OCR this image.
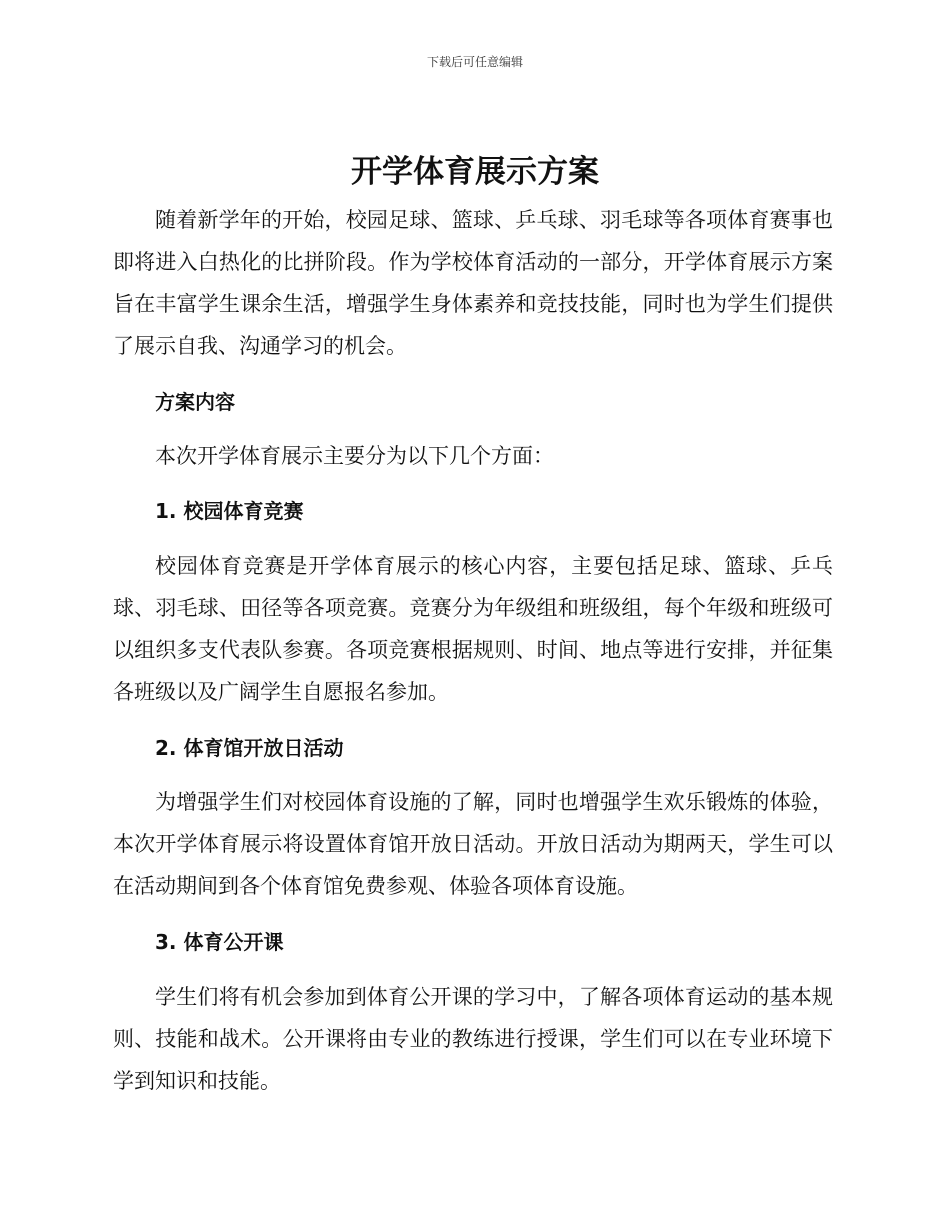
下载后可任意编辑
开学体育展示方案

随着新学年的开始，校园足球、篮球、乒乓球、羽毛球等各项体育赛事也即将进入白热化的比拼阶段。作为学校体育活动的一部分，开学体育展示方案旨在丰富学生课余生活，增强学生身体素养和竞技技能，同时也为学生们提供了展示自我、沟通学习的机会。

方案内容

本次开学体育展示主要分为以下几个方面：

1. 校园体育竞赛

校园体育竞赛是开学体育展示的核心内容，主要包括足球、篮球、乒乓球、羽毛球、田径等各项竞赛。竞赛分为年级组和班级组，每个年级和班级可以组织多支代表队参赛。各项竞赛根据规则、时间、地点等进行安排，并征集各班级以及广阔学生自愿报名参加。

2. 体育馆开放日活动

为增强学生们对校园体育设施的了解，同时也增强学生欢乐锻炼的体验，本次开学体育展示将设置体育馆开放日活动。开放日活动为期两天，学生可以在活动期间到各个体育馆免费参观、体验各项体育设施。

3. 体育公开课

学生们将有机会参加到体育公开课的学习中，了解各项体育运动的基本规则、技能和战术。公开课将由专业的教练进行授课，学生们可以在专业环境下学到知识和技能。
